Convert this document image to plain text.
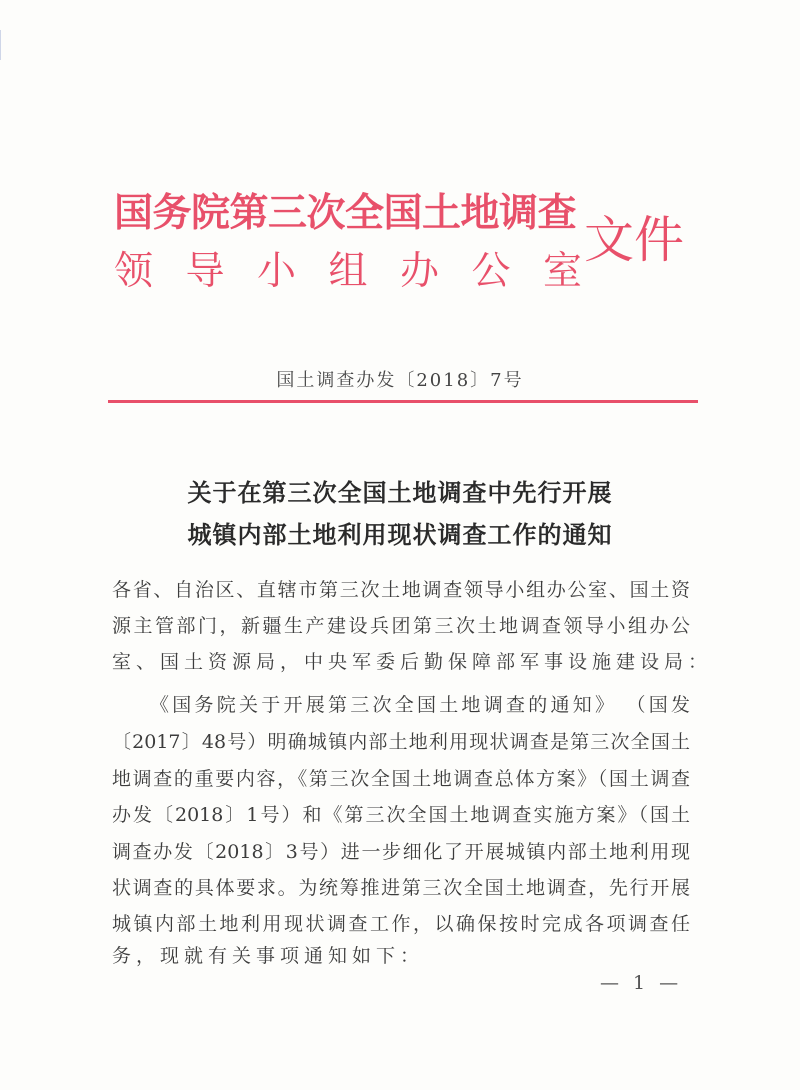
国务院第三次全国土地调查
领导小组办公室
文件
国土调查办发〔2018〕7号
关于在第三次全国土地调查中先行开展
城镇内部土地利用现状调查工作的通知
各省、自治区、直辖市第三次土地调查领导小组办公室、国土资
源主管部门，新疆生产建设兵团第三次土地调查领导小组办公
室、国土资源局，中央军委后勤保障部军事设施建设局：
《国务院关于开展第三次全国土地调查的通知》 （国发
〔2017〕48号）明确城镇内部土地利用现状调查是第三次全国土
地调查的重要内容，《第三次全国土地调查总体方案》（国土调查
办发〔2018〕1号）和《第三次全国土地调查实施方案》（国土
调查办发〔2018〕3号）进一步细化了开展城镇内部土地利用现
状调查的具体要求。为统筹推进第三次全国土地调查，先行开展
城镇内部土地利用现状调查工作，以确保按时完成各项调查任
务，现就有关事项通知如下：
— 1 —
